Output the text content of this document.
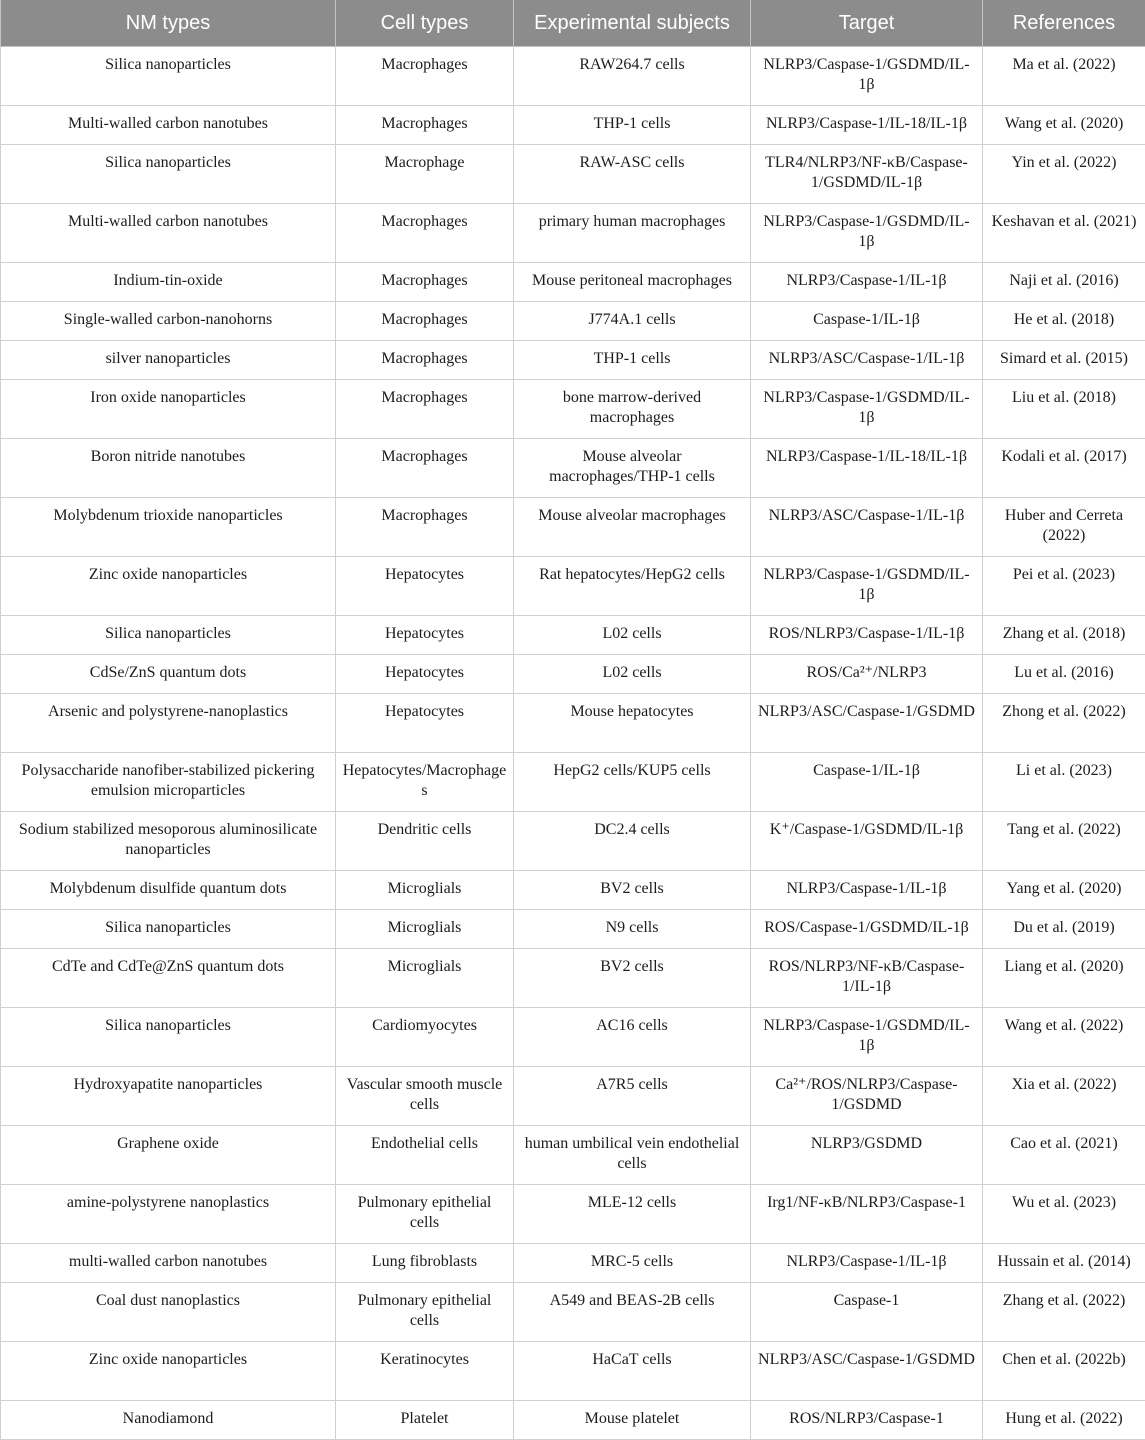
NM types	Cell types	Experimental subjects	Target	References
Silica nanoparticles	Macrophages	RAW264.7 cells	NLRP3/Caspase-1/GSDMD/IL-1β	Ma et al. (2022)
Multi-walled carbon nanotubes	Macrophages	THP-1 cells	NLRP3/Caspase-1/IL-18/IL-1β	Wang et al. (2020)
Silica nanoparticles	Macrophage	RAW-ASC cells	TLR4/NLRP3/NF-κB/Caspase-1/GSDMD/IL-1β	Yin et al. (2022)
Multi-walled carbon nanotubes	Macrophages	primary human macrophages	NLRP3/Caspase-1/GSDMD/IL-1β	Keshavan et al. (2021)
Indium-tin-oxide	Macrophages	Mouse peritoneal macrophages	NLRP3/Caspase-1/IL-1β	Naji et al. (2016)
Single-walled carbon-nanohorns	Macrophages	J774A.1 cells	Caspase-1/IL-1β	He et al. (2018)
silver nanoparticles	Macrophages	THP-1 cells	NLRP3/ASC/Caspase-1/IL-1β	Simard et al. (2015)
Iron oxide nanoparticles	Macrophages	bone marrow-derived macrophages	NLRP3/Caspase-1/GSDMD/IL-1β	Liu et al. (2018)
Boron nitride nanotubes	Macrophages	Mouse alveolar macrophages/THP-1 cells	NLRP3/Caspase-1/IL-18/IL-1β	Kodali et al. (2017)
Molybdenum trioxide nanoparticles	Macrophages	Mouse alveolar macrophages	NLRP3/ASC/Caspase-1/IL-1β	Huber and Cerreta (2022)
Zinc oxide nanoparticles	Hepatocytes	Rat hepatocytes/HepG2 cells	NLRP3/Caspase-1/GSDMD/IL-1β	Pei et al. (2023)
Silica nanoparticles	Hepatocytes	L02 cells	ROS/NLRP3/Caspase-1/IL-1β	Zhang et al. (2018)
CdSe/ZnS quantum dots	Hepatocytes	L02 cells	ROS/Ca²⁺/NLRP3	Lu et al. (2016)
Arsenic and polystyrene-nanoplastics	Hepatocytes	Mouse hepatocytes	NLRP3/ASC/Caspase-1/GSDMD	Zhong et al. (2022)
Polysaccharide nanofiber-stabilized pickering emulsion microparticles	Hepatocytes/Macrophages	HepG2 cells/KUP5 cells	Caspase-1/IL-1β	Li et al. (2023)
Sodium stabilized mesoporous aluminosilicate nanoparticles	Dendritic cells	DC2.4 cells	K⁺/Caspase-1/GSDMD/IL-1β	Tang et al. (2022)
Molybdenum disulfide quantum dots	Microglials	BV2 cells	NLRP3/Caspase-1/IL-1β	Yang et al. (2020)
Silica nanoparticles	Microglials	N9 cells	ROS/Caspase-1/GSDMD/IL-1β	Du et al. (2019)
CdTe and CdTe@ZnS quantum dots	Microglials	BV2 cells	ROS/NLRP3/NF-κB/Caspase-1/IL-1β	Liang et al. (2020)
Silica nanoparticles	Cardiomyocytes	AC16 cells	NLRP3/Caspase-1/GSDMD/IL-1β	Wang et al. (2022)
Hydroxyapatite nanoparticles	Vascular smooth muscle cells	A7R5 cells	Ca²⁺/ROS/NLRP3/Caspase-1/GSDMD	Xia et al. (2022)
Graphene oxide	Endothelial cells	human umbilical vein endothelial cells	NLRP3/GSDMD	Cao et al. (2021)
amine-polystyrene nanoplastics	Pulmonary epithelial cells	MLE-12 cells	Irg1/NF-κB/NLRP3/Caspase-1	Wu et al. (2023)
multi-walled carbon nanotubes	Lung fibroblasts	MRC-5 cells	NLRP3/Caspase-1/IL-1β	Hussain et al. (2014)
Coal dust nanoplastics	Pulmonary epithelial cells	A549 and BEAS-2B cells	Caspase-1	Zhang et al. (2022)
Zinc oxide nanoparticles	Keratinocytes	HaCaT cells	NLRP3/ASC/Caspase-1/GSDMD	Chen et al. (2022b)
Nanodiamond	Platelet	Mouse platelet	ROS/NLRP3/Caspase-1	Hung et al. (2022)
